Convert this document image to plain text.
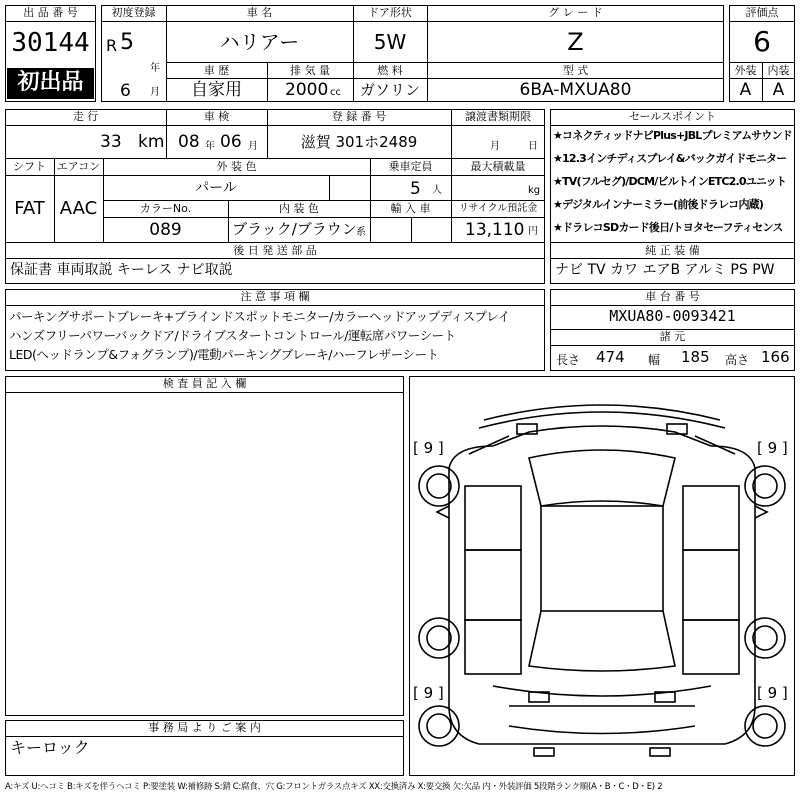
出 品 番 号
30144
初出品
初度登録
R 5
年
6 月
車 名
ハリアー
ドア形状
5W
グ レ ー ド
Z
車 歴
自家用
排 気 量
2000 cc
燃 料
ガソリン
型 式
6BA-MXUA80
評価点
6
外装	内装
A	A
走 行
33 km
車 検
08 年 06 月
登 録 番 号
滋賀 301ホ2489
譲渡書類期限
月	日
シフト
FAT
エアコン
AAC
外 装 色
パール
乗車定員
5 人
最大積載量
kg
カラーNo.
089
内 装 色
ブラック/ブラウン 系
輸 入 車	リサイクル預託金
13,110 円
後 日 発 送 部 品
保証書 車両取説 キーレス ナビ取説
セールスポイント
★コネクティッドナビPlus+JBLプレミアムサウンド
★12.3インチディスプレイ&バックガイドモニター
★TV(フルセグ)/DCM/ビルトインETC2.0ユニット
★デジタルインナーミラー(前後ドラレコ内蔵)
★ドラレコSDカード後日/トヨタセーフティセンス
純 正 装 備
ナビ TV カワ エアB アルミ PS PW
注 意 事 項 欄
パーキングサポートブレーキ+ブラインドスポットモニター/カラーヘッドアップディスプレイ
ハンズフリーパワーバックドア/ドライブスタートコントロール/運転席パワーシート
LED(ヘッドランプ&フォグランプ)/電動パーキングブレーキ/ハーフレザーシート
車 台 番 号
MXUA80-0093421
諸 元
長さ 474 幅 185 高さ 166
検 査 員 記 入 欄
事 務 局 よ り ご 案 内
キーロック
[ 9 ]	[ 9 ]
[ 9 ]	[ 9 ]
A:キズ U:ヘコミ B:キズを伴うヘコミ P:要塗装 W:補修跡 S:錆 C:腐食、穴 G:フロントガラス点キズ XX:交換済み X:要交換 欠:欠品 内・外装評価 5段階ランク順(A・B・C・D・E) 2
